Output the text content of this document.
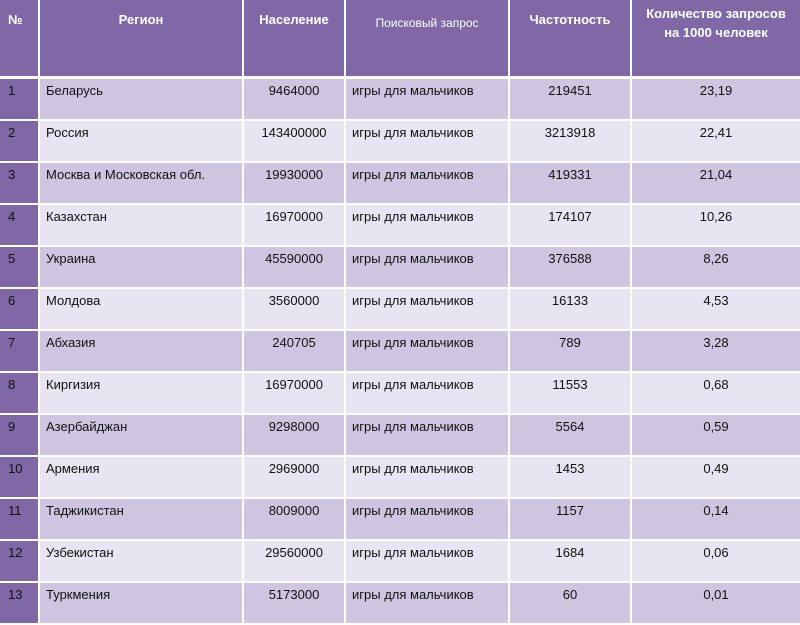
№	Регион	Население	Поисковый запрос	Частотность	Количество запросов на 1000 человек
1	Беларусь	9464000	игры для мальчиков	219451	23,19
2	Россия	143400000	игры для мальчиков	3213918	22,41
3	Москва и Московская обл.	19930000	игры для мальчиков	419331	21,04
4	Казахстан	16970000	игры для мальчиков	174107	10,26
5	Украина	45590000	игры для мальчиков	376588	8,26
6	Молдова	3560000	игры для мальчиков	16133	4,53
7	Абхазия	240705	игры для мальчиков	789	3,28
8	Киргизия	16970000	игры для мальчиков	11553	0,68
9	Азербайджан	9298000	игры для мальчиков	5564	0,59
10	Армения	2969000	игры для мальчиков	1453	0,49
11	Таджикистан	8009000	игры для мальчиков	1157	0,14
12	Узбекистан	29560000	игры для мальчиков	1684	0,06
13	Туркмения	5173000	игры для мальчиков	60	0,01
